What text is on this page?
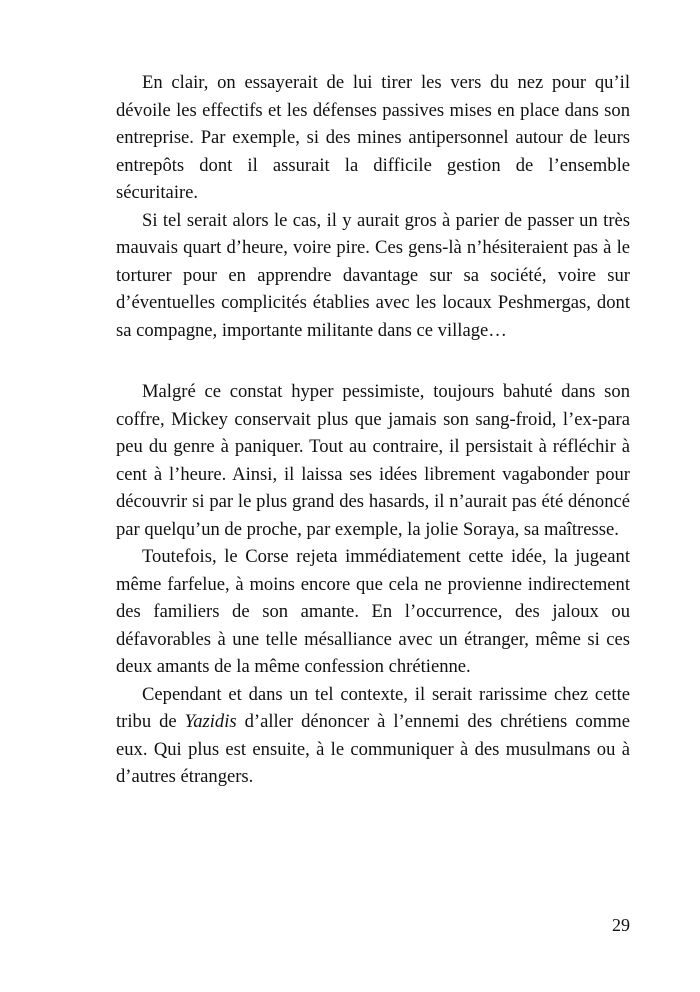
En clair, on essayerait de lui tirer les vers du nez pour qu’il dévoile les effectifs et les défenses passives mises en place dans son entreprise. Par exemple, si des mines antipersonnel autour de leurs entrepôts dont il assurait la difficile gestion de l’ensemble sécuritaire.

Si tel serait alors le cas, il y aurait gros à parier de passer un très mauvais quart d’heure, voire pire. Ces gens-là n’hésiteraient pas à le torturer pour en apprendre davantage sur sa société, voire sur d’éventuelles complicités établies avec les locaux Peshmergas, dont sa compagne, importante militante dans ce village…

Malgré ce constat hyper pessimiste, toujours bahuté dans son coffre, Mickey conservait plus que jamais son sang-froid, l’ex-para peu du genre à paniquer. Tout au contraire, il persistait à réfléchir à cent à l’heure. Ainsi, il laissa ses idées librement vagabonder pour découvrir si par le plus grand des hasards, il n’aurait pas été dénoncé par quelqu’un de proche, par exemple, la jolie Soraya, sa maîtresse.

Toutefois, le Corse rejeta immédiatement cette idée, la jugeant même farfelue, à moins encore que cela ne provienne indirectement des familiers de son amante. En l’occurrence, des jaloux ou défavorables à une telle mésalliance avec un étranger, même si ces deux amants de la même confession chrétienne.

Cependant et dans un tel contexte, il serait rarissime chez cette tribu de Yazidis d’aller dénoncer à l’ennemi des chrétiens comme eux. Qui plus est ensuite, à le communiquer à des musulmans ou à d’autres étrangers.

29
